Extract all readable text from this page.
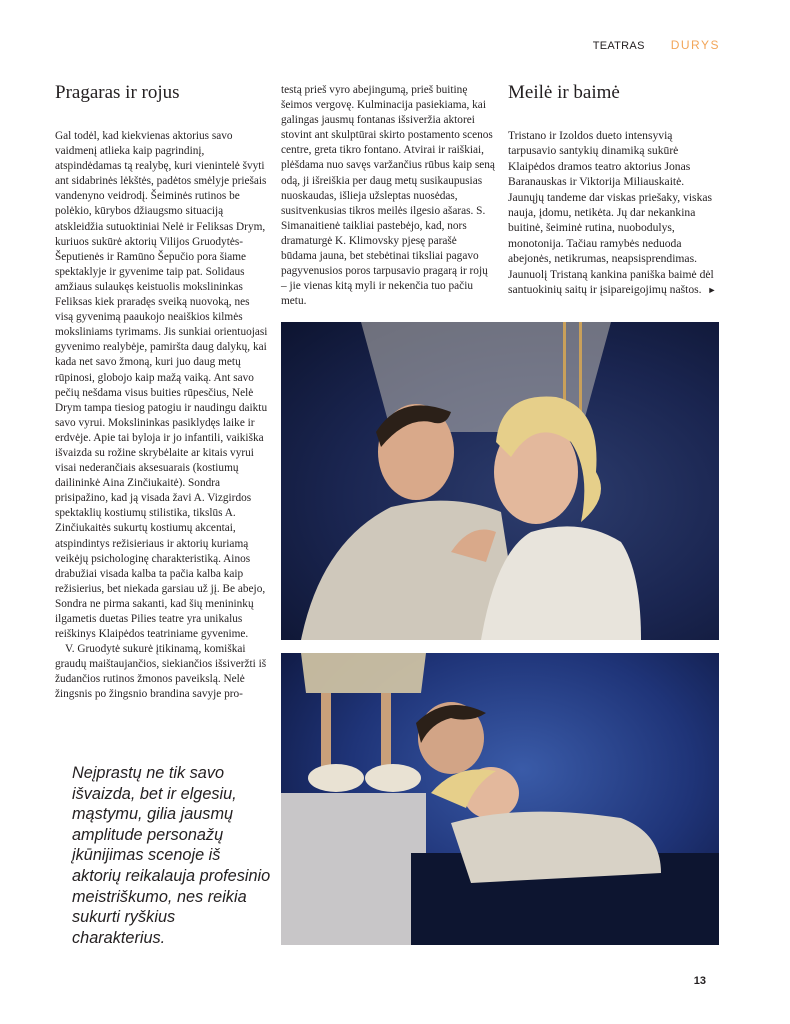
TEATRAS DURYS
Pragaras ir rojus	Meilė ir baimė

Gal todėl, kad kiekvienas aktorius savo vaidmenį atlieka kaip pagrindinį, atspindėdamas tą realybę, kuri vienintelė švyti ant sidabrinės lėkštės, padėtos smėlyje priešais vandenyno veidrodį. Šeiminės rutinos be polėkio, kūrybos džiaugsmo situaciją atskleidžia sutuoktiniai Nelė ir Feliksas Drym, kuriuos sukūrė aktorių Vilijos Gruodytės-Šeputienės ir Ramūno Šepučio pora šiame spektaklyje ir gyvenime taip pat. Solidaus amžiaus sulaukęs keistuolis mokslininkas Feliksas kiek praradęs sveiką nuovoką, nes visą gyvenimą paaukojo neaiškios kilmės moksliniams tyrimams. Jis sunkiai orientuojasi gyvenimo realybėje, pamiršta daug dalykų, kai kada net savo žmoną, kuri juo daug metų rūpinosi, globojo kaip mažą vaiką. Ant savo pečių nešdama visus buities rūpesčius, Nelė Drym tampa tiesiog patogiu ir naudingu daiktu savo vyrui. Mokslininkas pasiklydęs laike ir erdvėje. Apie tai byloja ir jo infantili, vaikiška išvaizda su rožine skrybėlaite ar kitais vyrui visai nederančiais aksesuarais (kostiumų dailininkė Aina Zinčiukaitė). Sondra prisipažino, kad ją visada žavi A. Vizgirdos spektaklių kostiumų stilistika, tikslūs A. Zinčiukaitės sukurtų kostiumų akcentai, atspindintys režisieriaus ir aktorių kuriamą veikėjų psichologinę charakteristiką. Ainos drabužiai visada kalba ta pačia kalba kaip režisierius, bet niekada garsiau už jį. Be abejo, Sondra ne pirma sakanti, kad šių menininkų ilgametis duetas Pilies teatre yra unikalus reiškinys Klaipėdos teatriniame gyvenime.

V. Gruodytė sukurė įtikinamą, komiškai graudų maištaujančios, siekiančios išsiveržti iš žudančios rutinos žmonos paveikslą. Nelė žingsnis po žingsnio brandina savyje pro-

testą prieš vyro abejingumą, prieš buitinę šeimos vergovę. Kulminacija pasiekiama, kai galingas jausmų fontanas išsiveržia aktorei stovint ant skulptūrai skirto postamento scenos centre, greta tikro fontano. Atvirai ir raiškiai, plėšdama nuo savęs varžančius rūbus kaip seną odą, ji išreiškia per daug metų susikaupusias nuoskaudas, išlieja užsleptas nuosėdas, susitvenkusias tikros meilės ilgesio ašaras. S. Simanaitienė taikliai pastebėjo, kad, nors dramaturgė K. Klimovsky pjesę parašė būdama jauna, bet stebėtinai tiksliai pagavo pagyvenusios poros tarpusavio pragarą ir rojų – jie vienas kitą myli ir nekenčia tuo pačiu metu.

Tristano ir Izoldos dueto intensyvią tarpusavio santykių dinamiką sukūrė Klaipėdos dramos teatro aktorius Jonas Baranauskas ir Viktorija Miliauskaitė. Jaunųjų tandeme dar viskas priešaky, viskas nauja, įdomu, netikėta. Jų dar nekankina buitinė, šeiminė rutina, nuobodulys, monotonija. Tačiau ramybės neduoda abejonės, netikrumas, neapsisprendimas. Jaunuolį Tristaną kankina paniška baimė dėl santuokinių saitų ir įsipareigojimų naštos. ►

Neįprastų ne tik savo išvaizda, bet ir elgesiu, mąstymu, gilia jausmų amplitude personažų įkūnijimas scenoje iš aktorių reikalauja profesinio meistriškumo, nes reikia sukurti ryškius charakterius.
13
